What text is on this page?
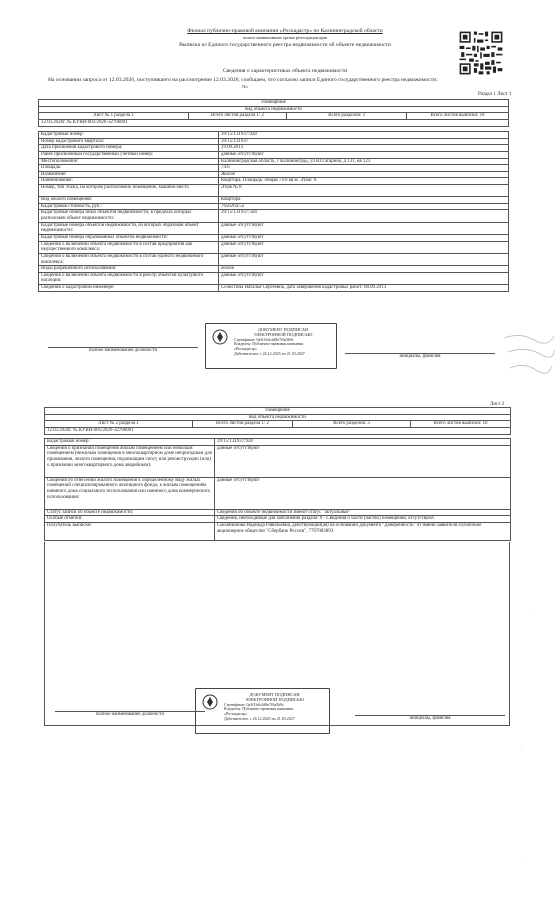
Филиал публично-правовой компании «Роскадастр» по Калининградской области
полное наименование органа регистрации прав
Выписка из Единого государственного реестра недвижимости об объекте недвижимости
Сведения о характеристиках объекта недвижимости
На основании запроса от 12.03.2026, поступившего на рассмотрение 12.03.2026, сообщаем, что согласно записи Единого государственного реестра недвижимости:
Nо
Раздел 1 Лист 1
Помещение
вид объекта недвижимости
Лист № 1 раздела 1	Всего листов раздела 1: 2	Всего разделов: 3	Всего листов выписки: 10
12.03.2026г. № КУВИ-001/2026-32766001
Кадастровый номер:	39:15:131937:928
Номер кадастрового квартала:	39:15:131937
Дата присвоения кадастрового номера:	19.09.2013
Ранее присвоенный государственный учетный номер:	данные отсутствуют
Местоположение:	Калининградская область, г Калининград, ул Ю.Гагарина, д 131, кв 123
Площадь:	74.6
Назначение:	Жилое
Наименование:	Квартира. Площадь: общая 74.6 кв.м. Этаж: 8.
Номер, тип этажа, на котором расположено помещение, машино-место	Этаж № 8
Вид жилого помещения:	Квартира
Кадастровая стоимость, руб.:	7656264.52
Кадастровые номера иных объектов недвижимости, в пределах которых расположен объект недвижимости:	39:15:131937:504
Кадастровые номера объектов недвижимости, из которых образован объект недвижимости:	данные отсутствуют
Кадастровые номера образованных объектов недвижимости:	данные отсутствуют
Сведения о включении объекта недвижимости в состав предприятия как имущественного комплекса:	данные отсутствуют
Сведения о включении объекта недвижимости в состав единого недвижимого комплекса:	данные отсутствуют
Виды разрешенного использования:	жилое
Сведения о включении объекта недвижимости в реестр объектов культурного наследия:	данные отсутствуют
Сведения о кадастровом инженере:	Селистина Наталья Сергеевна, дата завершения кадастровых работ: 08.09.2013
ДОКУМЕНТ ПОДПИСАН
ЭЛЕКТРОННОЙ ПОДПИСЬЮ
Сертификат: 0a3f1b4c2d8e7f6a5b9c
Владелец: Публично-правовая компания
«Роскадастр»
Действителен: с 26.12.2025 по 21.03.2027
полное наименование должности
инициалы, фамилия
Лист 2
Помещение
вид объекта недвижимости
Лист № 2 раздела 1	Всего листов раздела 1: 2	Всего разделов: 3	Всего листов выписки: 10
12.03.2026г. № КУВИ-001/2026-32766001
Кадастровый номер:	39:15:131937:928
Сведения о признании помещения жилым помещением или нежилым помещением (нежилым помещения в многоквартирном доме непригодным для проживания, жилого помещения, подлежащим сносу или реконструкции (или) о признании многоквартирного дома аварийным):	данные отсутствуют
Сведения об отнесении жилого помещения к определенному виду жилых помещений специализированного жилищного фонда, к жилым помещениям наемного дома социального использования или наемного дома коммерческого использования:	данные отсутствуют
Статус записи об объекте недвижимости:	Сведения об объекте недвижимости имеют статус "актуальные"
Особые отметки:	Сведения, необходимые для заполнения раздела: 9 - Сведения о части (частях) помещения, отсутствуют.
Получатель выписки:	Смолянинова Надежда Равильевна, действующий(ая) на основании документа "Доверенность" от имени заявителя Публичное акционерное общество "Сбербанк России", 7707083893
ДОКУМЕНТ ПОДПИСАН
ЭЛЕКТРОННОЙ ПОДПИСЬЮ
Сертификат: 0a3f1b4c2d8e7f6a5b9c
Владелец: Публично-правовая компания
«Роскадастр»
Действителен: с 26.12.2025 по 21.03.2027
полное наименование должности
инициалы, фамилия
·
·
·
